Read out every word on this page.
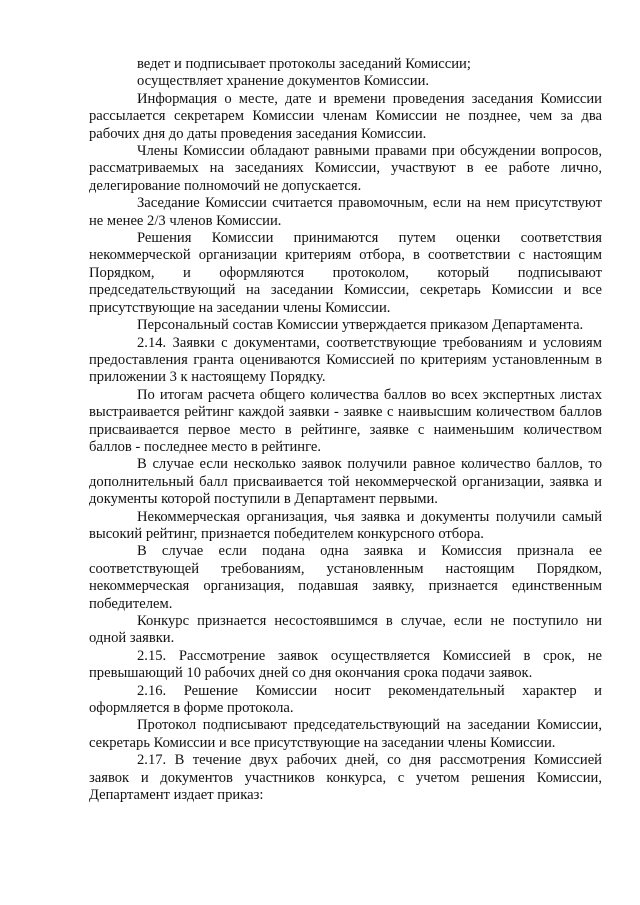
ведет и подписывает протоколы заседаний Комиссии;

осуществляет хранение документов Комиссии.

Информация о месте, дате и времени проведения заседания Комиссии рассылается секретарем Комиссии членам Комиссии не позднее, чем за два рабочих дня до даты проведения заседания Комиссии.

Члены Комиссии обладают равными правами при обсуждении вопросов, рассматриваемых на заседаниях Комиссии, участвуют в ее работе лично, делегирование полномочий не допускается.

Заседание Комиссии считается правомочным, если на нем присутствуют не менее 2/3 членов Комиссии.

Решения Комиссии принимаются путем оценки соответствия некоммерческой организации критериям отбора, в соответствии с настоящим Порядком, и оформляются протоколом, который подписывают председательствующий на заседании Комиссии, секретарь Комиссии и все присутствующие на заседании члены Комиссии.

Персональный состав Комиссии утверждается приказом Департамента.

2.14. Заявки с документами, соответствующие требованиям и условиям предоставления гранта оцениваются Комиссией по критериям установленным в приложении 3 к настоящему Порядку.

По итогам расчета общего количества баллов во всех экспертных листах выстраивается рейтинг каждой заявки - заявке с наивысшим количеством баллов присваивается первое место в рейтинге, заявке с наименьшим количеством баллов - последнее место в рейтинге.

В случае если несколько заявок получили равное количество баллов, то дополнительный балл присваивается той некоммерческой организации, заявка и документы которой поступили в Департамент первыми.

Некоммерческая организация, чья заявка и документы получили самый высокий рейтинг, признается победителем конкурсного отбора.

В случае если подана одна заявка и Комиссия признала ее соответствующей требованиям, установленным настоящим Порядком, некоммерческая организация, подавшая заявку, признается единственным победителем.

Конкурс признается несостоявшимся в случае, если не поступило ни одной заявки.

2.15. Рассмотрение заявок осуществляется Комиссией в срок, не превышающий 10 рабочих дней со дня окончания срока подачи заявок.

2.16. Решение Комиссии носит рекомендательный характер и оформляется в форме протокола.

Протокол подписывают председательствующий на заседании Комиссии, секретарь Комиссии и все присутствующие на заседании члены Комиссии.

2.17. В течение двух рабочих дней, со дня рассмотрения Комиссией заявок и документов участников конкурса, с учетом решения Комиссии, Департамент издает приказ:
